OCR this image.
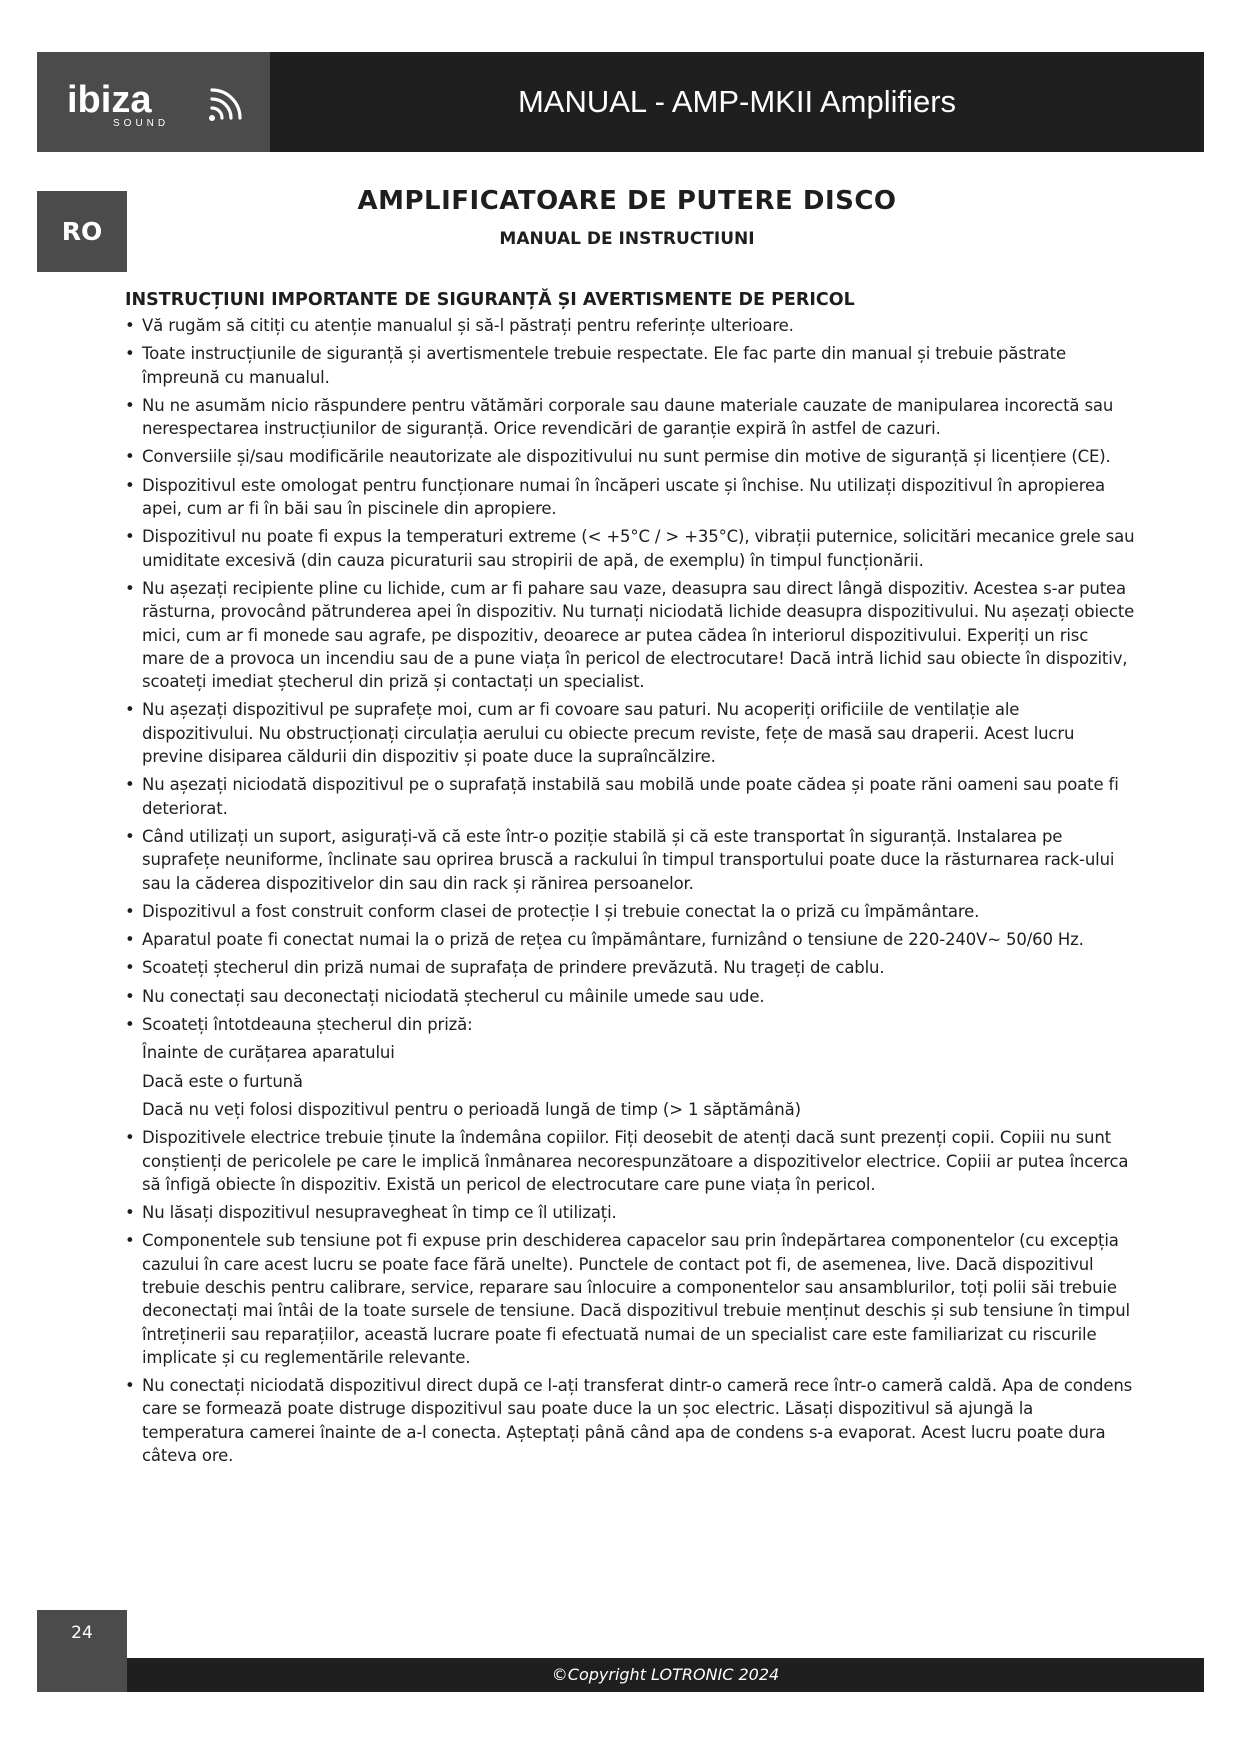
ibiza
SOUND
MANUAL - AMP-MKII Amplifiers
RO
AMPLIFICATOARE DE PUTERE DISCO
MANUAL DE INSTRUCTIUNI
INSTRUCȚIUNI IMPORTANTE DE SIGURANȚĂ ȘI AVERTISMENTE DE PERICOL
• Vă rugăm să citiți cu atenție manualul și să-l păstrați pentru referințe ulterioare.
• Toate instrucțiunile de siguranță și avertismentele trebuie respectate. Ele fac parte din manual și trebuie păstrate împreună cu manualul.
• Nu ne asumăm nicio răspundere pentru vătămări corporale sau daune materiale cauzate de manipularea incorectă sau nerespectarea instrucțiunilor de siguranță. Orice revendicări de garanție expiră în astfel de cazuri.
• Conversiile și/sau modificările neautorizate ale dispozitivului nu sunt permise din motive de siguranță și licențiere (CE).
• Dispozitivul este omologat pentru funcționare numai în încăperi uscate și închise. Nu utilizați dispozitivul în apropierea apei, cum ar fi în băi sau în piscinele din apropiere.
• Dispozitivul nu poate fi expus la temperaturi extreme (< +5°C / > +35°C), vibrații puternice, solicitări mecanice grele sau umiditate excesivă (din cauza picuraturii sau stropirii de apă, de exemplu) în timpul funcționării.
• Nu așezați recipiente pline cu lichide, cum ar fi pahare sau vaze, deasupra sau direct lângă dispozitiv. Acestea s-ar putea răsturna, provocând pătrunderea apei în dispozitiv. Nu turnați niciodată lichide deasupra dispozitivului. Nu așezați obiecte mici, cum ar fi monede sau agrafe, pe dispozitiv, deoarece ar putea cădea în interiorul dispozitivului. Experiți un risc mare de a provoca un incendiu sau de a pune viața în pericol de electrocutare! Dacă intră lichid sau obiecte în dispozitiv, scoateți imediat ștecherul din priză și contactați un specialist.
• Nu așezați dispozitivul pe suprafețe moi, cum ar fi covoare sau paturi. Nu acoperiți orificiile de ventilație ale dispozitivului. Nu obstrucționați circulația aerului cu obiecte precum reviste, fețe de masă sau draperii. Acest lucru previne disiparea căldurii din dispozitiv și poate duce la supraîncălzire.
• Nu așezați niciodată dispozitivul pe o suprafață instabilă sau mobilă unde poate cădea și poate răni oameni sau poate fi deteriorat.
• Când utilizați un suport, asigurați-vă că este într-o poziție stabilă și că este transportat în siguranță. Instalarea pe suprafețe neuniforme, înclinate sau oprirea bruscă a rackului în timpul transportului poate duce la răsturnarea rack-ului sau la căderea dispozitivelor din sau din rack și rănirea persoanelor.
• Dispozitivul a fost construit conform clasei de protecție I și trebuie conectat la o priză cu împământare.
• Aparatul poate fi conectat numai la o priză de rețea cu împământare, furnizând o tensiune de 220-240V~ 50/60 Hz.
• Scoateți ștecherul din priză numai de suprafața de prindere prevăzută. Nu trageți de cablu.
• Nu conectați sau deconectați niciodată ștecherul cu mâinile umede sau ude.
• Scoateți întotdeauna ștecherul din priză:
Înainte de curățarea aparatului
Dacă este o furtună
Dacă nu veți folosi dispozitivul pentru o perioadă lungă de timp (> 1 săptămână)
• Dispozitivele electrice trebuie ținute la îndemâna copiilor. Fiți deosebit de atenți dacă sunt prezenți copii. Copiii nu sunt conștienți de pericolele pe care le implică înmânarea necorespunzătoare a dispozitivelor electrice. Copiii ar putea încerca să înfigă obiecte în dispozitiv. Există un pericol de electrocutare care pune viața în pericol.
• Nu lăsați dispozitivul nesupravegheat în timp ce îl utilizați.
• Componentele sub tensiune pot fi expuse prin deschiderea capacelor sau prin îndepărtarea componentelor (cu excepția cazului în care acest lucru se poate face fără unelte). Punctele de contact pot fi, de asemenea, live. Dacă dispozitivul trebuie deschis pentru calibrare, service, reparare sau înlocuire a componentelor sau ansamblurilor, toți polii săi trebuie deconectați mai întâi de la toate sursele de tensiune. Dacă dispozitivul trebuie menținut deschis și sub tensiune în timpul întreținerii sau reparațiilor, această lucrare poate fi efectuată numai de un specialist care este familiarizat cu riscurile implicate și cu reglementările relevante.
• Nu conectați niciodată dispozitivul direct după ce l-ați transferat dintr-o cameră rece într-o cameră caldă. Apa de condens care se formează poate distruge dispozitivul sau poate duce la un șoc electric. Lăsați dispozitivul să ajungă la temperatura camerei înainte de a-l conecta. Așteptați până când apa de condens s-a evaporat. Acest lucru poate dura câteva ore.
24
©Copyright LOTRONIC 2024
